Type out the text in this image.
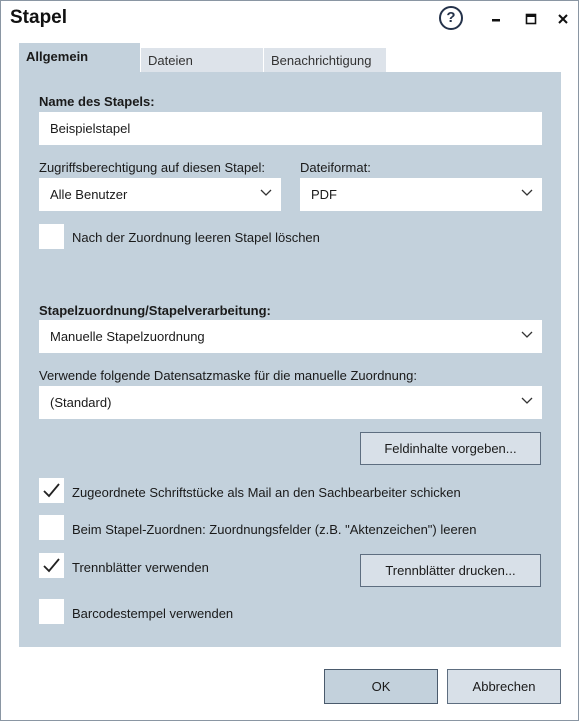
Stapel	?
Allgemein	Dateien	Benachrichtigung
Name des Stapels:
Beispielstapel
Zugriffsberechtigung auf diesen Stapel:
Alle Benutzer
Dateiformat:
PDF
Nach der Zuordnung leeren Stapel löschen
Stapelzuordnung/Stapelverarbeitung:
Manuelle Stapelzuordnung
Verwende folgende Datensatzmaske für die manuelle Zuordnung:
(Standard)
Feldinhalte vorgeben...
Zugeordnete Schriftstücke als Mail an den Sachbearbeiter schicken
Beim Stapel-Zuordnen: Zuordnungsfelder (z.B. "Aktenzeichen") leeren
Trennblätter verwenden	Trennblätter drucken...
Barcodestempel verwenden
OK	Abbrechen
